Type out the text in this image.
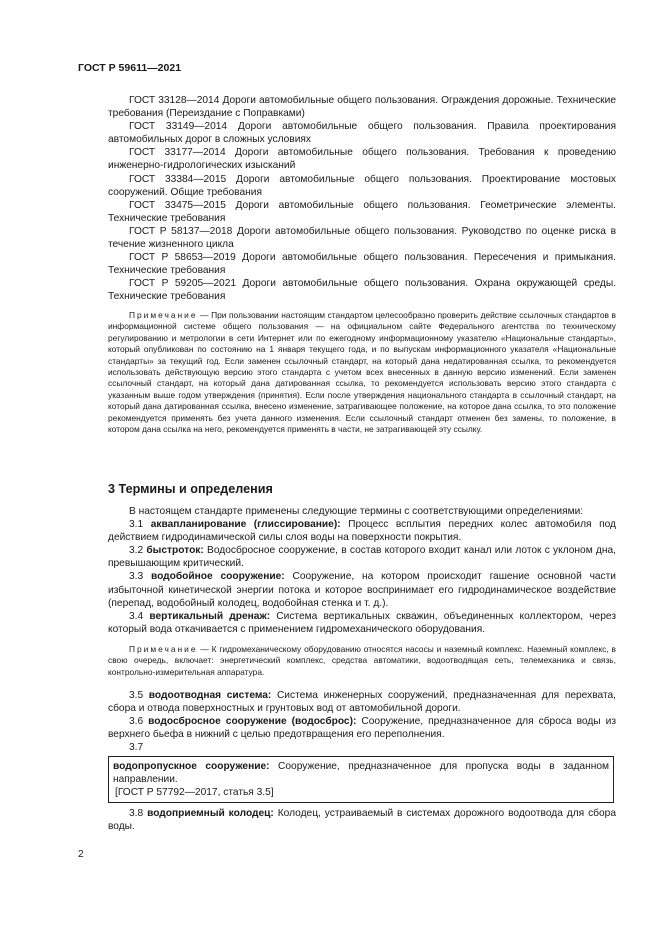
ГОСТ Р 59611—2021

ГОСТ 33128—2014 Дороги автомобильные общего пользования. Ограждения дорожные. Технические требования (Переиздание с Поправками)

ГОСТ 33149—2014 Дороги автомобильные общего пользования. Правила проектирования автомобильных дорог в сложных условиях

ГОСТ 33177—2014 Дороги автомобильные общего пользования. Требования к проведению инженерно-гидрологических изысканий

ГОСТ 33384—2015 Дороги автомобильные общего пользования. Проектирование мостовых сооружений. Общие требования

ГОСТ 33475—2015 Дороги автомобильные общего пользования. Геометрические элементы. Технические требования

ГОСТ Р 58137—2018 Дороги автомобильные общего пользования. Руководство по оценке риска в течение жизненного цикла

ГОСТ Р 58653—2019 Дороги автомобильные общего пользования. Пересечения и примыкания. Технические требования

ГОСТ Р 59205—2021 Дороги автомобильные общего пользования. Охрана окружающей среды. Технические требования

Примечание — При пользовании настоящим стандартом целесообразно проверить действие ссылочных стандартов в информационной системе общего пользования — на официальном сайте Федерального агентства по техническому регулированию и метрологии в сети Интернет или по ежегодному информационному указателю «Национальные стандарты», который опубликован по состоянию на 1 января текущего года, и по выпускам информационного указателя «Национальные стандарты» за текущий год. Если заменен ссылочный стандарт, на который дана недатированная ссылка, то рекомендуется использовать действующую версию этого стандарта с учетом всех внесенных в данную версию изменений. Если заменен ссылочный стандарт, на который дана датированная ссылка, то рекомендуется использовать версию этого стандарта с указанным выше годом утверждения (принятия). Если после утверждения национального стандарта в ссылочный стандарт, на который дана датированная ссылка, внесено изменение, затрагивающее положение, на которое дана ссылка, то это положение рекомендуется применять без учета данного изменения. Если ссылочный стандарт отменен без замены, то положение, в котором дана ссылка на него, рекомендуется применять в части, не затрагивающей эту ссылку.

3 Термины и определения

В настоящем стандарте применены следующие термины с соответствующими определениями:

3.1 аквапланирование (глиссирование): Процесс всплытия передних колес автомобиля под действием гидродинамической силы слоя воды на поверхности покрытия.

3.2 быстроток: Водосбросное сооружение, в состав которого входит канал или лоток с уклоном дна, превышающим критический.

3.3 водобойное сооружение: Сооружение, на котором происходит гашение основной части избыточной кинетической энергии потока и которое воспринимает его гидродинамическое воздействие (перепад, водобойный колодец, водобойная стенка и т. д.).

3.4 вертикальный дренаж: Система вертикальных скважин, объединенных коллектором, через который вода откачивается с применением гидромеханического оборудования.

Примечание — К гидромеханическому оборудованию относятся насосы и наземный комплекс. Наземный комплекс, в свою очередь, включает: энергетический комплекс, средства автоматики, водоотводящая сеть, телемеханика и связь, контрольно-измерительная аппаратура.

3.5 водоотводная система: Система инженерных сооружений, предназначенная для перехвата, сбора и отвода поверхностных и грунтовых вод от автомобильной дороги.

3.6 водосбросное сооружение (водосброс): Сооружение, предназначенное для сброса воды из верхнего бьефа в нижний с целью предотвращения его переполнения.

3.7

водопропускное сооружение: Сооружение, предназначенное для пропуска воды в заданном направлении.

[ГОСТ Р 57792—2017, статья 3.5]

3.8 водоприемный колодец: Колодец, устраиваемый в системах дорожного водоотвода для сбора воды.

2
